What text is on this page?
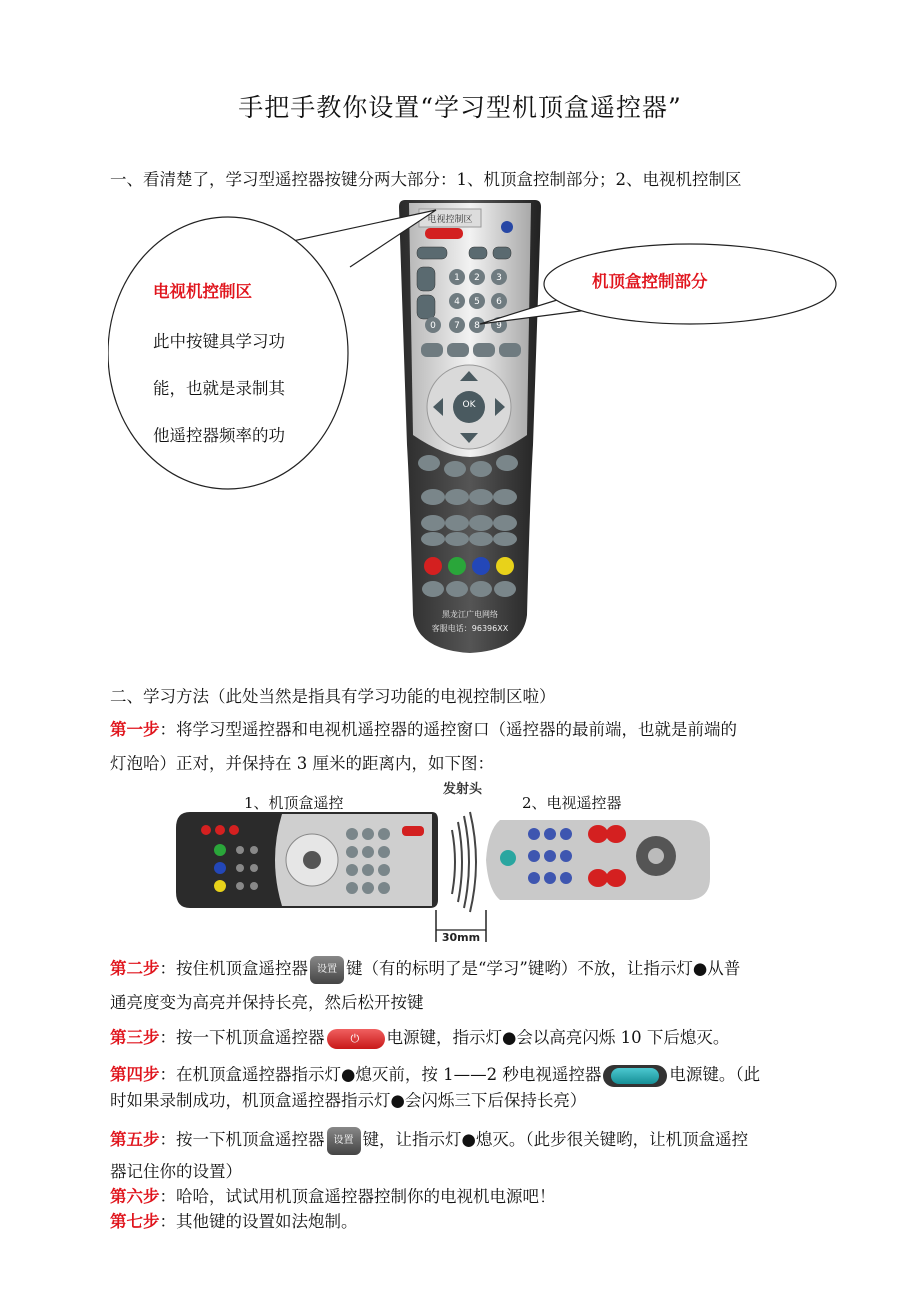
手把手教你设置“学习型机顶盒遥控器”
一、看清楚了，学习型遥控器按键分两大部分：1、机顶盒控制部分；2、电视机控制区
电视控制区
1 2 3
4 5 6
7 8 9
0
OK
黑龙江广电网络
客服电话：96396XX
电视机控制区
此中按键具学习功
能，也就是录制其
他遥控器频率的功
机顶盒控制部分
二、学习方法（此处当然是指具有学习功能的电视控制区啦）
第一步：将学习型遥控器和电视机遥控器的遥控窗口（遥控器的最前端，也就是前端的
灯泡哈）正对，并保持在 3 厘米的距离内，如下图：
1、机顶盒遥控	2、电视遥控器
发射头
30mm
第二步：按住机顶盒遥控器 设置 键（有的标明了是“学习”键哟）不放，让指示灯●从普
通亮度变为高亮并保持长亮，然后松开按键
第三步：按一下机顶盒遥控器 ⏻ 电源键，指示灯●会以高亮闪烁 10 下后熄灭。
第四步：在机顶盒遥控器指示灯●熄灭前，按 1——2 秒电视遥控器	电源键。（此
时如果录制成功，机顶盒遥控器指示灯●会闪烁三下后保持长亮）
第五步：按一下机顶盒遥控器 设置 键，让指示灯●熄灭。（此步很关键哟，让机顶盒遥控
器记住你的设置）
第六步：哈哈，试试用机顶盒遥控器控制你的电视机电源吧！
第七步：其他键的设置如法炮制。
